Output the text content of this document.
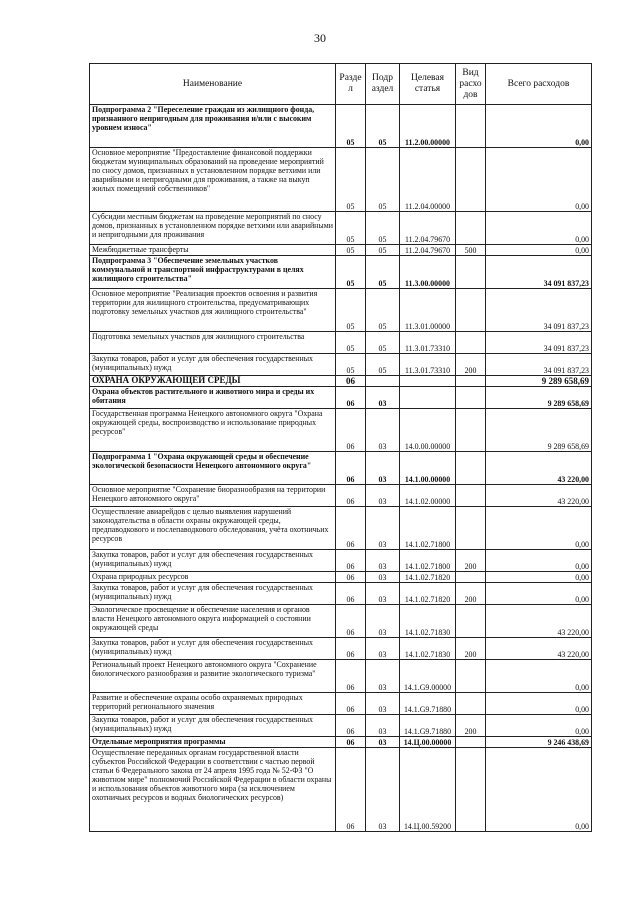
30
Наименование	Разде л	Подр аздел	Целевая статья	Вид расхо дов	Всего расходов
Подпрограмма 2 "Переселение граждан из жилищного фонда, признанного непригодным для проживания и/или с высоким уровнем износа"	05	05	11.2.00.00000		0,00
Основное мероприятие "Предоставление финансовой поддержки бюджетам муниципальных образований на проведение мероприятий по сносу домов, признанных в установленном порядке ветхими или аварийными и непригодными для проживания, а также на выкуп жилых помещений собственников"	05	05	11.2.04.00000		0,00
Субсидии местным бюджетам на проведение мероприятий по сносу домов, признанных в установленном порядке ветхими или аварийными и непригодными для проживания	05	05	11.2.04.79670		0,00
Межбюджетные трансферты	05	05	11.2.04.79670	500	0,00
Подпрограмма 3 "Обеспечение земельных участков коммунальной и транспортной инфраструктурами в целях жилищного строительства"	05	05	11.3.00.00000		34 091 837,23
Основное мероприятие "Реализация проектов освоения и развития территории для жилищного строительства, предусматривающих подготовку земельных участков для жилищного строительства"	05	05	11.3.01.00000		34 091 837,23
Подготовка земельных участков для жилищного строительства	05	05	11.3.01.73310		34 091 837,23
Закупка товаров, работ и услуг для обеспечения государственных (муниципальных) нужд	05	05	11.3.01.73310	200	34 091 837,23
ОХРАНА ОКРУЖАЮЩЕЙ СРЕДЫ	06				9 289 658,69
Охрана объектов растительного и животного мира и среды их обитания	06	03			9 289 658,69
Государственная программа Ненецкого автономного округа "Охрана окружающей среды, воспроизводство и использование природных ресурсов"	06	03	14.0.00.00000		9 289 658,69
Подпрограмма 1 "Охрана окружающей среды и обеспечение экологической безопасности Ненецкого автономного округа"	06	03	14.1.00.00000		43 220,00
Основное мероприятие "Сохранение биоразнообразия на территории Ненецкого автономного округа"	06	03	14.1.02.00000		43 220,00
Осуществление авиарейдов с целью выявления нарушений законодательства в области охраны окружающей среды, предпаводкового и послепаводкового обследования, учёта охотничьих ресурсов	06	03	14.1.02.71800		0,00
Закупка товаров, работ и услуг для обеспечения государственных (муниципальных) нужд	06	03	14.1.02.71800	200	0,00
Охрана природных ресурсов	06	03	14.1.02.71820		0,00
Закупка товаров, работ и услуг для обеспечения государственных (муниципальных) нужд	06	03	14.1.02.71820	200	0,00
Экологическое просвещение и обеспечение населения и органов власти Ненецкого автономного округа информацией о состоянии окружающей среды	06	03	14.1.02.71830		43 220,00
Закупка товаров, работ и услуг для обеспечения государственных (муниципальных) нужд	06	03	14.1.02.71830	200	43 220,00
Региональный проект Ненецкого автономного округа "Сохранение биологического разнообразия и развитие экологического туризма"	06	03	14.1.G9.00000		0,00
Развитие и обеспечение охраны особо охраняемых природных территорий регионального значения	06	03	14.1.G9.71880		0,00
Закупка товаров, работ и услуг для обеспечения государственных (муниципальных) нужд	06	03	14.1.G9.71880	200	0,00
Отдельные мероприятия программы	06	03	14.Ц.00.00000		9 246 438,69
Осуществление переданных органам государственной власти субъектов Российской Федерации в соответствии с частью первой статьи 6 Федерального закона от 24 апреля 1995 года № 52-ФЗ "О животном мире" полномочий Российской Федерации в области охраны и использования объектов животного мира (за исключением охотничьих ресурсов и водных биологических ресурсов)	06	03	14.Ц.00.59200		0,00
